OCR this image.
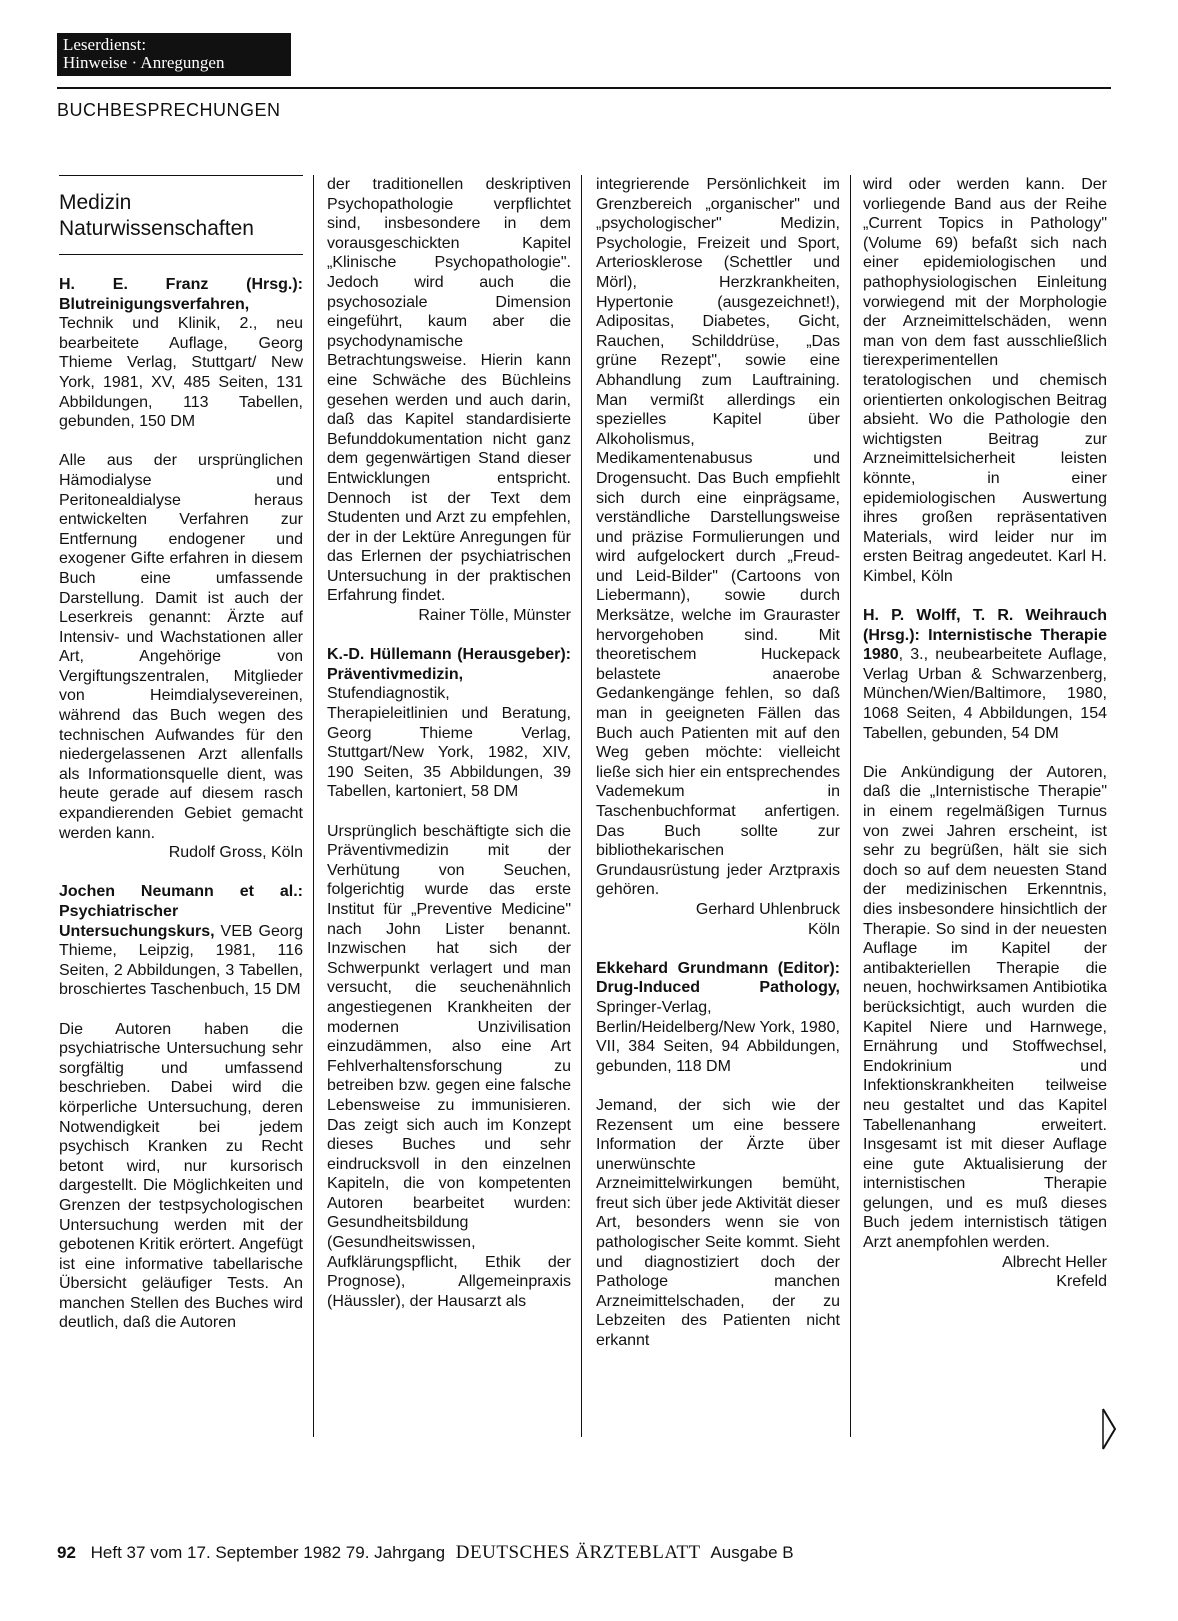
Leserdienst:
Hinweise · Anregungen
BUCHBESPRECHUNGEN
Medizin
Naturwissenschaften

H. E. Franz (Hrsg.): Blutreinigungsverfahren, Technik und Klinik, 2., neu bearbeitete Auflage, Georg Thieme Verlag, Stuttgart/ New York, 1981, XV, 485 Seiten, 131 Abbildungen, 113 Tabellen, gebunden, 150 DM

Alle aus der ursprünglichen Hämodialyse und Peritonealdialyse heraus entwickelten Verfahren zur Entfernung endogener und exogener Gifte erfahren in diesem Buch eine umfassende Darstellung. Damit ist auch der Leserkreis genannt: Ärzte auf Intensiv- und Wachstationen aller Art, Angehörige von Vergiftungszentralen, Mitglieder von Heimdialysevereinen, während das Buch wegen des technischen Aufwandes für den niedergelassenen Arzt allenfalls als Informationsquelle dient, was heute gerade auf diesem rasch expandierenden Gebiet gemacht werden kann.

Rudolf Gross, Köln

Jochen Neumann et al.: Psychiatrischer Untersuchungskurs, VEB Georg Thieme, Leipzig, 1981, 116 Seiten, 2 Abbildungen, 3 Tabellen, broschiertes Taschenbuch, 15 DM

Die Autoren haben die psychiatrische Untersuchung sehr sorgfältig und umfassend beschrieben. Dabei wird die körperliche Untersuchung, deren Notwendigkeit bei jedem psychisch Kranken zu Recht betont wird, nur kursorisch dargestellt. Die Möglichkeiten und Grenzen der testpsychologischen Untersuchung werden mit der gebotenen Kritik erörtert. Angefügt ist eine informative tabellarische Übersicht geläufiger Tests. An manchen Stellen des Buches wird deutlich, daß die Autoren

der traditionellen deskriptiven Psychopathologie verpflichtet sind, insbesondere in dem vorausgeschickten Kapitel „Klinische Psychopathologie". Jedoch wird auch die psychosoziale Dimension eingeführt, kaum aber die psychodynamische Betrachtungsweise. Hierin kann eine Schwäche des Büchleins gesehen werden und auch darin, daß das Kapitel standardisierte Befunddokumentation nicht ganz dem gegenwärtigen Stand dieser Entwicklungen entspricht. Dennoch ist der Text dem Studenten und Arzt zu empfehlen, der in der Lektüre Anregungen für das Erlernen der psychiatrischen Untersuchung in der praktischen Erfahrung findet.

Rainer Tölle, Münster

K.-D. Hüllemann (Herausgeber): Präventivmedizin, Stufendiagnostik, Therapieleitlinien und Beratung, Georg Thieme Verlag, Stuttgart/New York, 1982, XIV, 190 Seiten, 35 Abbildungen, 39 Tabellen, kartoniert, 58 DM

Ursprünglich beschäftigte sich die Präventivmedizin mit der Verhütung von Seuchen, folgerichtig wurde das erste Institut für „Preventive Medicine" nach John Lister benannt. Inzwischen hat sich der Schwerpunkt verlagert und man versucht, die seuchenähnlich angestiegenen Krankheiten der modernen Unzivilisation einzudämmen, also eine Art Fehlverhaltensforschung zu betreiben bzw. gegen eine falsche Lebensweise zu immunisieren. Das zeigt sich auch im Konzept dieses Buches und sehr eindrucksvoll in den einzelnen Kapiteln, die von kompetenten Autoren bearbeitet wurden: Gesundheitsbildung (Gesundheitswissen, Aufklärungspflicht, Ethik der Prognose), Allgemeinpraxis (Häussler), der Hausarzt als

integrierende Persönlichkeit im Grenzbereich „organischer" und „psychologischer" Medizin, Psychologie, Freizeit und Sport, Arteriosklerose (Schettler und Mörl), Herzkrankheiten, Hypertonie (ausgezeichnet!), Adipositas, Diabetes, Gicht, Rauchen, Schilddrüse, „Das grüne Rezept", sowie eine Abhandlung zum Lauftraining. Man vermißt allerdings ein spezielles Kapitel über Alkoholismus, Medikamentenabusus und Drogensucht. Das Buch empfiehlt sich durch eine einprägsame, verständliche Darstellungsweise und präzise Formulierungen und wird aufgelockert durch „Freud- und Leid-Bilder" (Cartoons von Liebermann), sowie durch Merksätze, welche im Grauraster hervorgehoben sind. Mit theoretischem Huckepack belastete anaerobe Gedankengänge fehlen, so daß man in geeigneten Fällen das Buch auch Patienten mit auf den Weg geben möchte: vielleicht ließe sich hier ein entsprechendes Vademekum in Taschenbuchformat anfertigen. Das Buch sollte zur bibliothekarischen Grundausrüstung jeder Arztpraxis gehören.

Gerhard Uhlenbruck
Köln

Ekkehard Grundmann (Editor): Drug-Induced Pathology, Springer-Verlag, Berlin/Heidelberg/New York, 1980, VII, 384 Seiten, 94 Abbildungen, gebunden, 118 DM

Jemand, der sich wie der Rezensent um eine bessere Information der Ärzte über unerwünschte Arzneimittelwirkungen bemüht, freut sich über jede Aktivität dieser Art, besonders wenn sie von pathologischer Seite kommt. Sieht und diagnostiziert doch der Pathologe manchen Arzneimittelschaden, der zu Lebzeiten des Patienten nicht erkannt

wird oder werden kann. Der vorliegende Band aus der Reihe „Current Topics in Pathology" (Volume 69) befaßt sich nach einer epidemiologischen und pathophysiologischen Einleitung vorwiegend mit der Morphologie der Arzneimittelschäden, wenn man von dem fast ausschließlich tierexperimentellen teratologischen und chemisch orientierten onkologischen Beitrag absieht. Wo die Pathologie den wichtigsten Beitrag zur Arzneimittelsicherheit leisten könnte, in einer epidemiologischen Auswertung ihres großen repräsentativen Materials, wird leider nur im ersten Beitrag angedeutet. Karl H. Kimbel, Köln

H. P. Wolff, T. R. Weihrauch (Hrsg.): Internistische Therapie 1980, 3., neubearbeitete Auflage, Verlag Urban & Schwarzenberg, München/Wien/Baltimore, 1980, 1068 Seiten, 4 Abbildungen, 154 Tabellen, gebunden, 54 DM

Die Ankündigung der Autoren, daß die „Internistische Therapie" in einem regelmäßigen Turnus von zwei Jahren erscheint, ist sehr zu begrüßen, hält sie sich doch so auf dem neuesten Stand der medizinischen Erkenntnis, dies insbesondere hinsichtlich der Therapie. So sind in der neuesten Auflage im Kapitel der antibakteriellen Therapie die neuen, hochwirksamen Antibiotika berücksichtigt, auch wurden die Kapitel Niere und Harnwege, Ernährung und Stoffwechsel, Endokrinium und Infektionskrankheiten teilweise neu gestaltet und das Kapitel Tabellenanhang erweitert. Insgesamt ist mit dieser Auflage eine gute Aktualisierung der internistischen Therapie gelungen, und es muß dieses Buch jedem internistisch tätigen Arzt anempfohlen werden.

Albrecht Heller
Krefeld
92 Heft 37 vom 17. September 1982 79. Jahrgang DEUTSCHES ÄRZTEBLATT Ausgabe B
